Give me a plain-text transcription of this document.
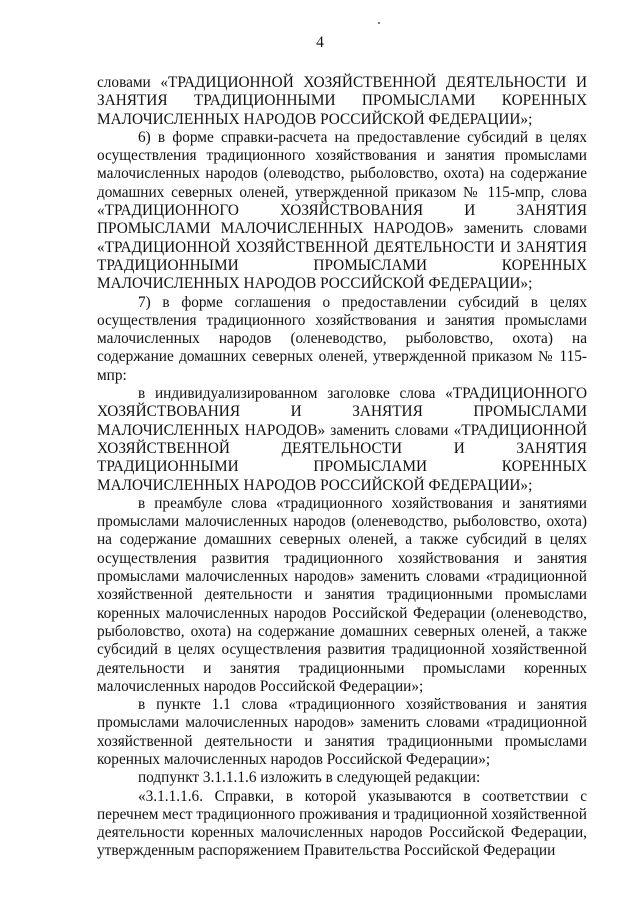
4

словами «ТРАДИЦИОННОЙ ХОЗЯЙСТВЕННОЙ ДЕЯТЕЛЬНОСТИ И ЗАНЯТИЯ ТРАДИЦИОННЫМИ ПРОМЫСЛАМИ КОРЕННЫХ МАЛОЧИСЛЕННЫХ НАРОДОВ РОССИЙСКОЙ ФЕДЕРАЦИИ»;

6) в форме справки-расчета на предоставление субсидий в целях осуществления традиционного хозяйствования и занятия промыслами малочисленных народов (олеводство, рыболовство, охота) на содержание домашних северных оленей, утвержденной приказом № 115-мпр, слова «ТРАДИЦИОННОГО ХОЗЯЙСТВОВАНИЯ И ЗАНЯТИЯ ПРОМЫСЛАМИ МАЛОЧИСЛЕННЫХ НАРОДОВ» заменить словами «ТРАДИЦИОННОЙ ХОЗЯЙСТВЕННОЙ ДЕЯТЕЛЬНОСТИ И ЗАНЯТИЯ ТРАДИЦИОННЫМИ ПРОМЫСЛАМИ КОРЕННЫХ МАЛОЧИСЛЕННЫХ НАРОДОВ РОССИЙСКОЙ ФЕДЕРАЦИИ»;

7) в форме соглашения о предоставлении субсидий в целях осуществления традиционного хозяйствования и занятия промыслами малочисленных народов (оленеводство, рыболовство, охота) на содержание домашних северных оленей, утвержденной приказом № 115-мпр:

в индивидуализированном заголовке слова «ТРАДИЦИОННОГО ХОЗЯЙСТВОВАНИЯ И ЗАНЯТИЯ ПРОМЫСЛАМИ МАЛОЧИСЛЕННЫХ НАРОДОВ» заменить словами «ТРАДИЦИОННОЙ ХОЗЯЙСТВЕННОЙ ДЕЯТЕЛЬНОСТИ И ЗАНЯТИЯ ТРАДИЦИОННЫМИ ПРОМЫСЛАМИ КОРЕННЫХ МАЛОЧИСЛЕННЫХ НАРОДОВ РОССИЙСКОЙ ФЕДЕРАЦИИ»;

в преамбуле слова «традиционного хозяйствования и занятиями промыслами малочисленных народов (оленеводство, рыболовство, охота) на содержание домашних северных оленей, а также субсидий в целях осуществления развития традиционного хозяйствования и занятия промыслами малочисленных народов» заменить словами «традиционной хозяйственной деятельности и занятия традиционными промыслами коренных малочисленных народов Российской Федерации (оленеводство, рыболовство, охота) на содержание домашних северных оленей, а также субсидий в целях осуществления развития традиционной хозяйственной деятельности и занятия традиционными промыслами коренных малочисленных народов Российской Федерации»;

в пункте 1.1 слова «традиционного хозяйствования и занятия промыслами малочисленных народов» заменить словами «традиционной хозяйственной деятельности и занятия традиционными промыслами коренных малочисленных народов Российской Федерации»;

подпункт 3.1.1.1.6 изложить в следующей редакции:

«3.1.1.1.6. Справки, в которой указываются в соответствии с перечнем мест традиционного проживания и традиционной хозяйственной деятельности коренных малочисленных народов Российской Федерации, утвержденным распоряжением Правительства Российской Федерации
